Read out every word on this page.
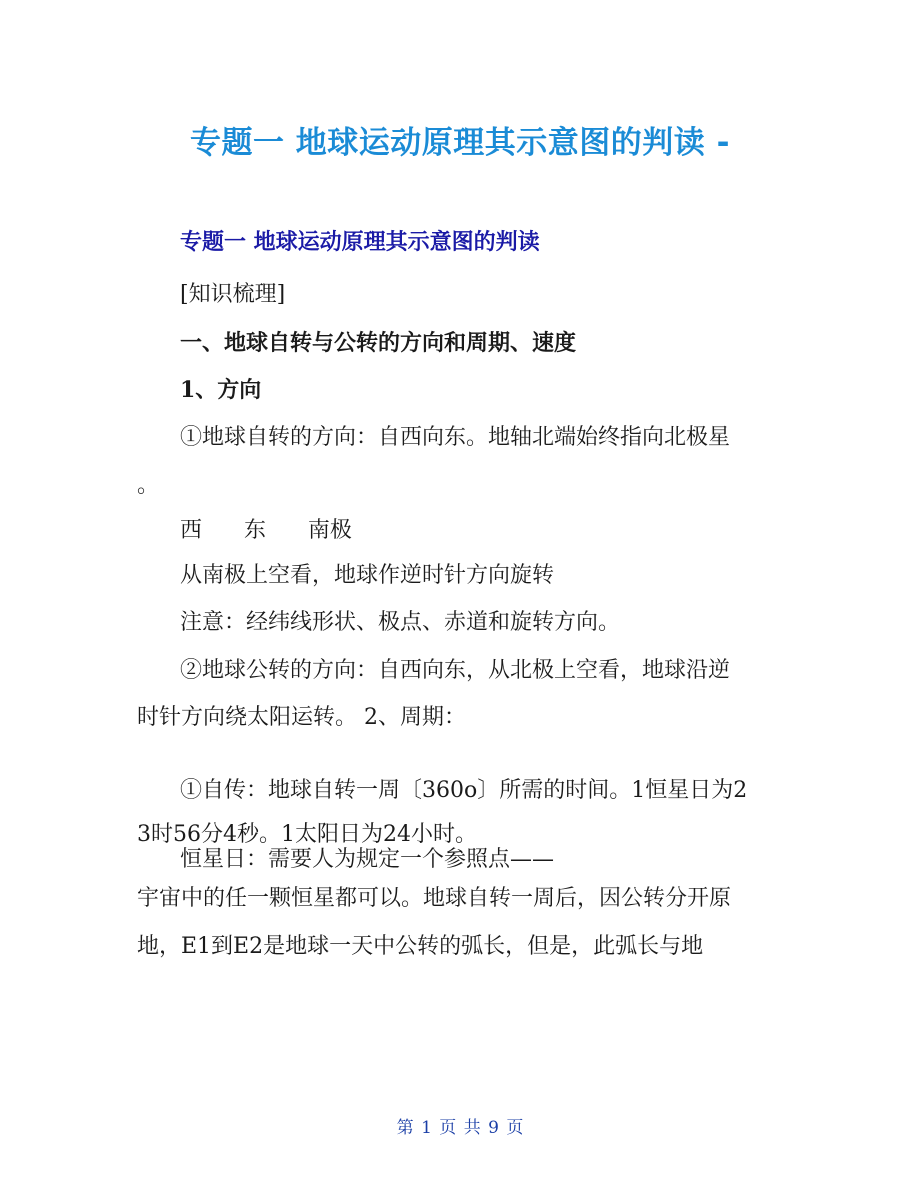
专题一 地球运动原理其示意图的判读 -
专题一 地球运动原理其示意图的判读
[知识梳理]
一、地球自转与公转的方向和周期、速度
1、方向
①地球自转的方向：自西向东。地轴北端始终指向北极星
。
西      东      南极
从南极上空看，地球作逆时针方向旋转
注意：经纬线形状、极点、赤道和旋转方向。
②地球公转的方向：自西向东，从北极上空看，地球沿逆
时针方向绕太阳运转。 2、周期：
①自传：地球自转一周〔360o〕所需的时间。1恒星日为2
3时56分4秒。1太阳日为24小时。
恒星日：需要人为规定一个参照点——
宇宙中的任一颗恒星都可以。地球自转一周后，因公转分开原
地，E1到E2是地球一天中公转的弧长，但是，此弧长与地
第 1 页 共 9 页
